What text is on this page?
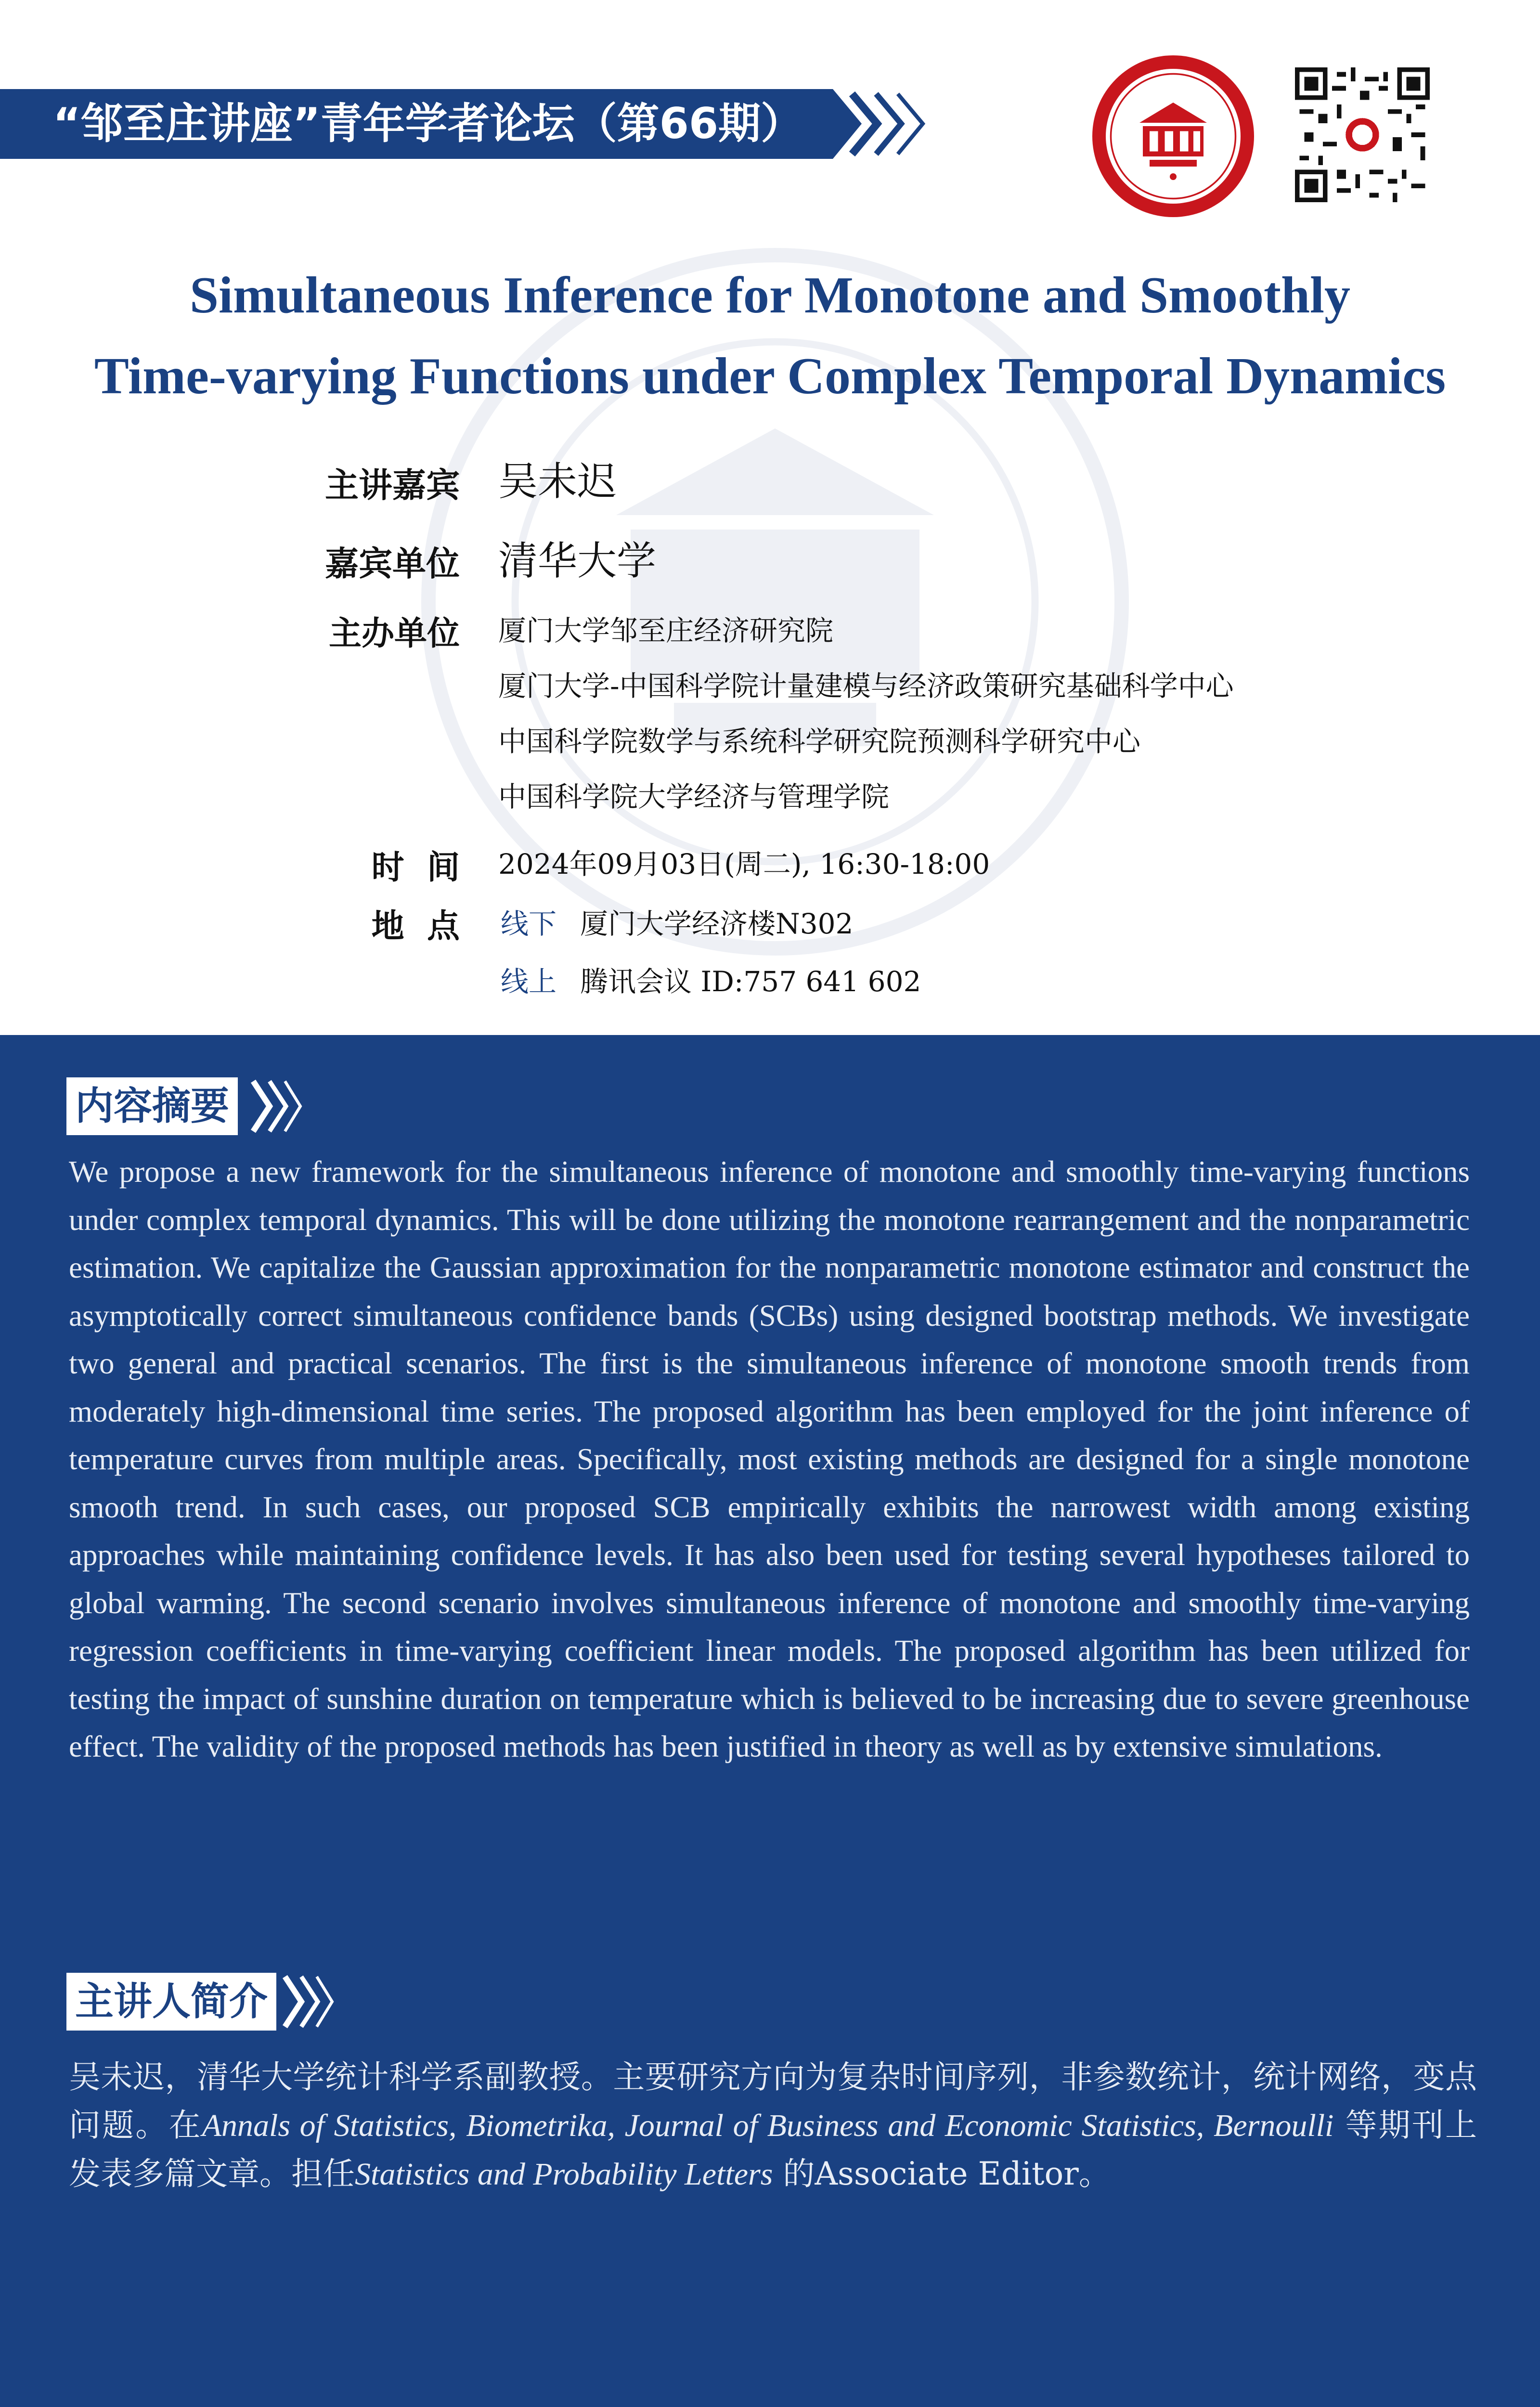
“邹至庄讲座”青年学者论坛（第66期）
Simultaneous Inference for Monotone and Smoothly
Time-varying Functions under Complex Temporal Dynamics
主讲嘉宾 吴未迟
嘉宾单位 清华大学
主办单位 厦门大学邹至庄经济研究院
厦门大学-中国科学院计量建模与经济政策研究基础科学中心
中国科学院数学与系统科学研究院预测科学研究中心
中国科学院大学经济与管理学院
时  间 2024年09月03日(周二), 16:30-18:00
地  点 线下 厦门大学经济楼N302
线上 腾讯会议 ID:757 641 602
内容摘要
We propose a new framework for the simultaneous inference of monotone and smoothly time-varying functions under complex temporal dynamics. This will be done utilizing the monotone rearrangement and the nonparametric estimation. We capitalize the Gaussian approximation for the nonparametric monotone estimator and construct the asymptotically correct simultaneous confidence bands (SCBs) using designed bootstrap methods. We investigate two general and practical scenarios. The first is the simultaneous inference of monotone smooth trends from moderately high-dimensional time series. The proposed algorithm has been employed for the joint inference of temperature curves from multiple areas. Specifically, most existing methods are designed for a single monotone smooth trend. In such cases, our proposed SCB empirically exhibits the narrowest width among existing approaches while maintaining confidence levels. It has also been used for testing several hypotheses tailored to global warming. The second scenario involves simultaneous inference of monotone and smoothly time-varying regression coefficients in time-varying coefficient linear models. The proposed algorithm has been utilized for testing the impact of sunshine duration on temperature which is believed to be increasing due to severe greenhouse effect. The validity of the proposed methods has been justified in theory as well as by extensive simulations.
主讲人简介
吴未迟，清华大学统计科学系副教授。主要研究方向为复杂时间序列，非参数统计，统计网络，变点问题。在Annals of Statistics, Biometrika, Journal of Business and Economic Statistics, Bernoulli 等期刊上发表多篇文章。担任Statistics and Probability Letters 的Associate Editor。
